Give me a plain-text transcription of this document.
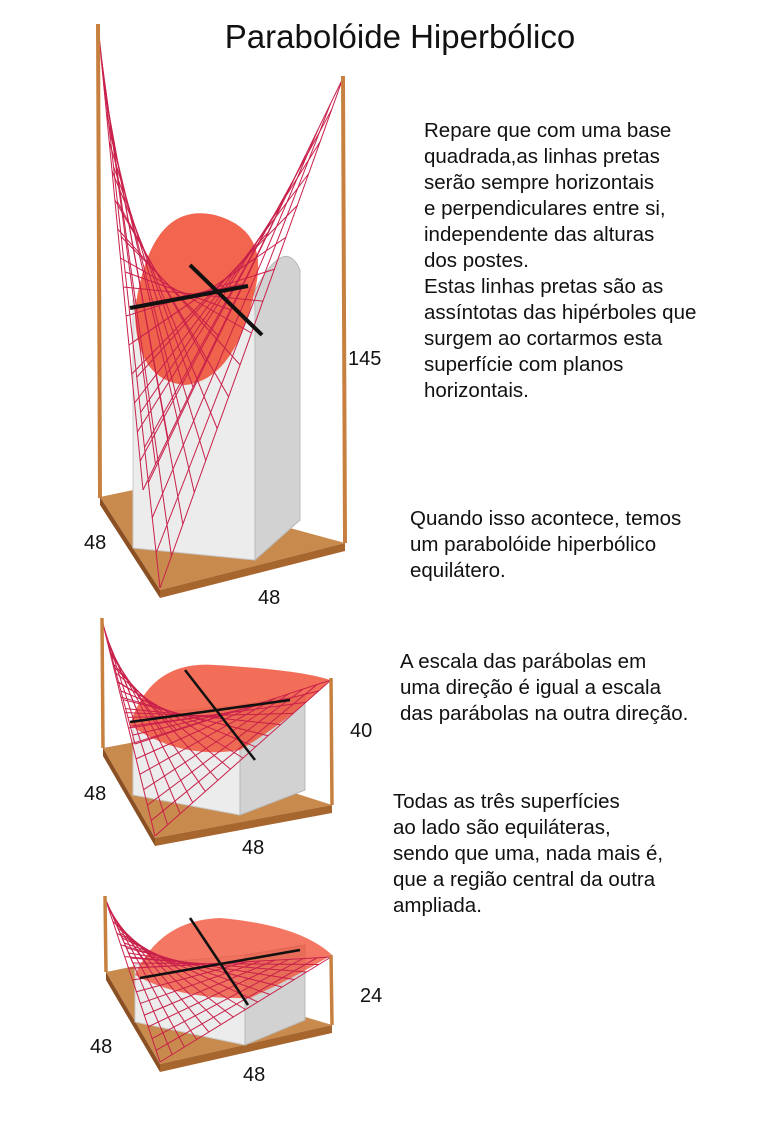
Parabolóide Hiperbólico
145
48
48
40
48
48
24
48
48
Repare que com uma base
quadrada,as linhas pretas
serão sempre horizontais
e perpendiculares entre si,
independente das alturas
dos postes.
Estas linhas pretas são as
assíntotas das hipérboles que
surgem ao cortarmos esta
superfície com planos
horizontais.
Quando isso acontece, temos
um parabolóide hiperbólico
equilátero.
A escala das parábolas em
uma direção é igual a escala
das parábolas na outra direção.
Todas as três superfícies
ao lado são equiláteras,
sendo que uma, nada mais é,
que a região central da outra
ampliada.
